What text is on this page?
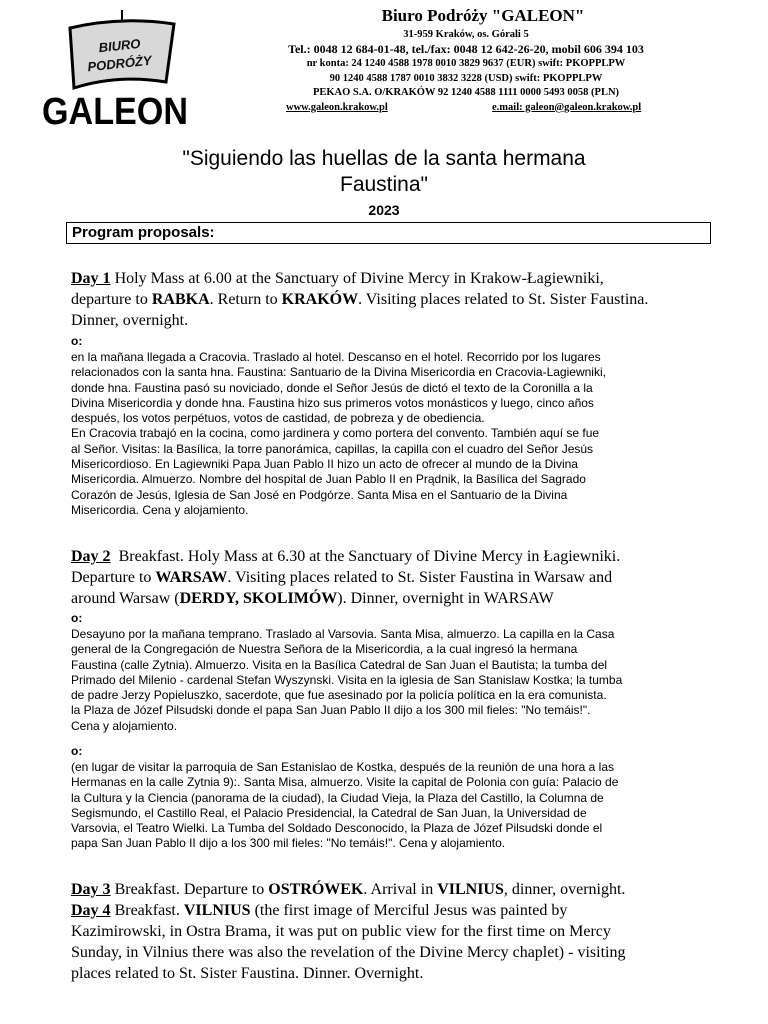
BIURO
PODRÓŻY
GALEON
Biuro Podróży "GALEON"
31-959 Kraków, os. Górali 5
Tel.: 0048 12 684-01-48, tel./fax: 0048 12 642-26-20, mobil 606 394 103
nr konta: 24 1240 4588 1978 0010 3829 9637 (EUR) swift: PKOPPLPW
90 1240 4588 1787 0010 3832 3228 (USD) swift: PKOPPLPW
PEKAO S.A. O/KRAKÓW 92 1240 4588 1111 0000 5493 0058 (PLN)
www.galeon.krakow.pl	e.mail: galeon@galeon.krakow.pl
"Siguiendo las huellas de la santa hermana
Faustina"
2023
Program proposals:
Day 1 Holy Mass at 6.00 at the Sanctuary of Divine Mercy in Krakow-Łagiewniki,
departure to RABKA. Return to KRAKÓW. Visiting places related to St. Sister Faustina.
Dinner, overnight.
o:
en la mañana llegada a Cracovia. Traslado al hotel. Descanso en el hotel. Recorrido por los lugares
relacionados con la santa hna. Faustina: Santuario de la Divina Misericordia en Cracovia-Lagiewniki,
donde hna. Faustina pasó su noviciado, donde el Señor Jesús de dictó el texto de la Coronilla a la
Divina Misericordia y donde hna. Faustina hizo sus primeros votos monásticos y luego, cinco años
después, los votos perpétuos, votos de castidad, de pobreza y de obediencia.
En Cracovia trabajó en la cocina, como jardinera y como portera del convento. También aquí se fue
al Señor. Visitas: la Basílica, la torre panorámica, capillas, la capilla con el cuadro del Señor Jesús
Misericordioso. En Lagiewniki Papa Juan Pablo II hizo un acto de ofrecer al mundo de la Divina
Misericordia. Almuerzo. Nombre del hospital de Juan Pablo II en Prądnik, la Basílica del Sagrado
Corazón de Jesús, Iglesia de San José en Podgórze. Santa Misa en el Santuario de la Divina
Misericordia. Cena y alojamiento.
Day 2  Breakfast. Holy Mass at 6.30 at the Sanctuary of Divine Mercy in Łagiewniki.
Departure to WARSAW. Visiting places related to St. Sister Faustina in Warsaw and
around Warsaw (DERDY, SKOLIMÓW). Dinner, overnight in WARSAW
o:
Desayuno por la mañana temprano. Traslado al Varsovia. Santa Misa, almuerzo. La capilla en la Casa
general de la Congregación de Nuestra Señora de la Misericordia, a la cual ingresó la hermana
Faustina (calle Zytnia). Almuerzo. Visita en la Basílica Catedral de San Juan el Bautista; la tumba del
Primado del Milenio - cardenal Stefan Wyszynski. Visita en la iglesia de San Stanislaw Kostka; la tumba
de padre Jerzy Popieluszko, sacerdote, que fue asesinado por la policía política en la era comunista.
la Plaza de Józef Pilsudski donde el papa San Juan Pablo II dijo a los 300 mil fieles: "No temáis!".
Cena y alojamiento.
o:
(en lugar de visitar la parroquia de San Estanislao de Kostka, después de la reunión de una hora a las
Hermanas en la calle Zytnia 9):. Santa Misa, almuerzo. Visite la capital de Polonia con guía: Palacio de
la Cultura y la Ciencia (panorama de la ciudad), la Ciudad Vieja, la Plaza del Castillo, la Columna de
Segismundo, el Castillo Real, el Palacio Presidencial, la Catedral de San Juan, la Universidad de
Varsovia, el Teatro Wielki. La Tumba del Soldado Desconocido, la Plaza de Józef Pilsudski donde el
papa San Juan Pablo II dijo a los 300 mil fieles: "No temáis!". Cena y alojamiento.
Day 3 Breakfast. Departure to OSTRÓWEK. Arrival in VILNIUS, dinner, overnight.
Day 4 Breakfast. VILNIUS (the first image of Merciful Jesus was painted by
Kazimirowski, in Ostra Brama, it was put on public view for the first time on Mercy
Sunday, in Vilnius there was also the revelation of the Divine Mercy chaplet) - visiting
places related to St. Sister Faustina. Dinner. Overnight.
